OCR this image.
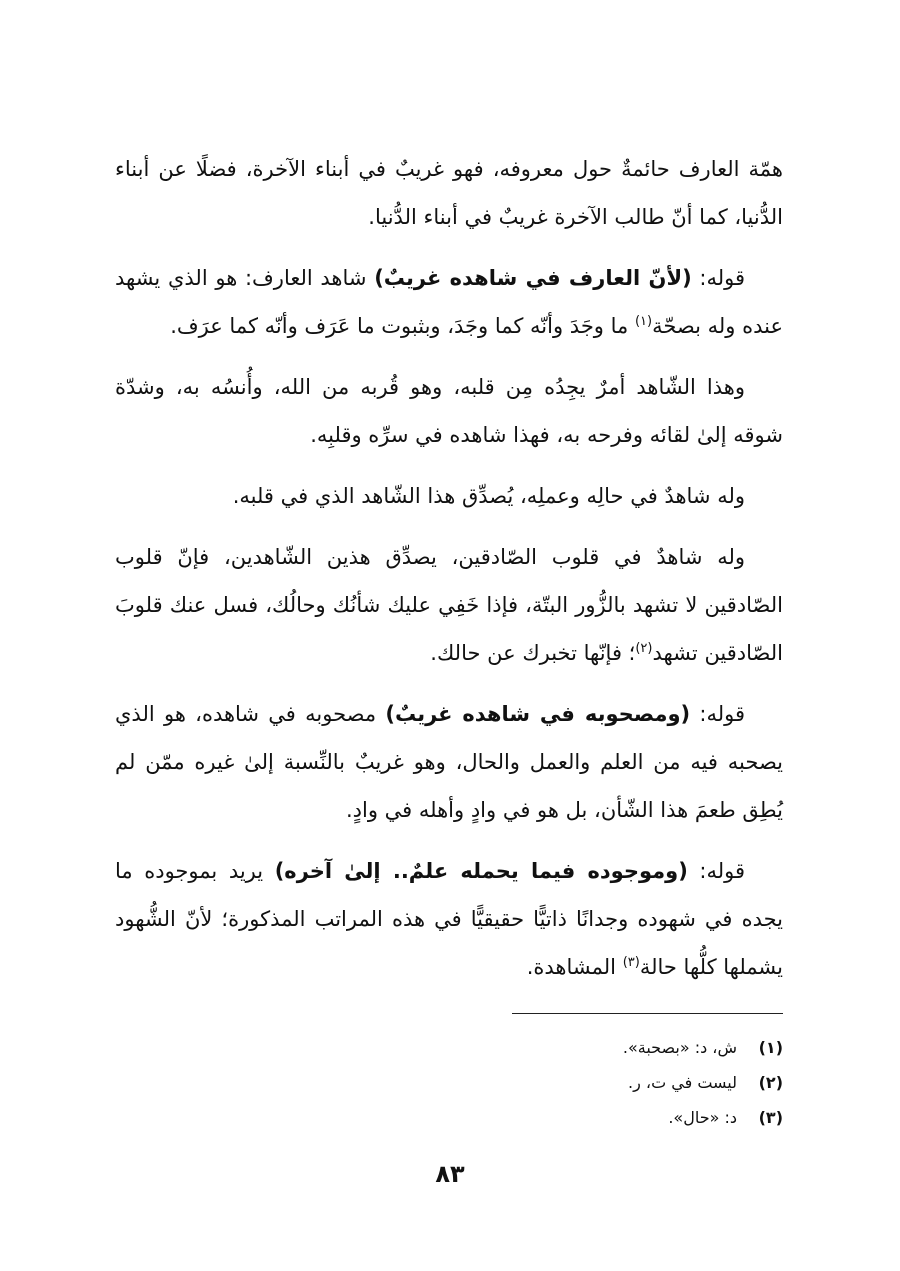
همّة العارف حائمةٌ حول معروفه، فهو غريبٌ في أبناء الآخرة، فضلًا عن أبناء الدُّنيا، كما أنّ طالب الآخرة غريبٌ في أبناء الدُّنيا.

قوله: (لأنّ العارف في شاهده غريبٌ) شاهد العارف: هو الذي يشهد عنده وله بصحّة$^{(١)}$ ما وجَدَ وأنّه كما وجَدَ، وبثبوت ما عَرَف وأنّه كما عرَف.

وهذا الشّاهد أمرٌ يجِدُه مِن قلبه، وهو قُربه من الله، وأُنسُه به، وشدّة شوقه إلىٰ لقائه وفرحه به، فهذا شاهده في سرِّه وقلبِه.

وله شاهدٌ في حالِه وعملِه، يُصدِّق هذا الشّاهد الذي في قلبه.

وله شاهدٌ في قلوب الصّادقين، يصدِّق هذين الشّاهدين، فإنّ قلوب الصّادقين لا تشهد بالزُّور البتّة، فإذا خَفِي عليك شأنُك وحالُك، فسل عنك قلوبَ الصّادقين تشهد$^{(٢)}$؛ فإنّها تخبرك عن حالك.

قوله: (ومصحوبه في شاهده غريبٌ) مصحوبه في شاهده، هو الذي يصحبه فيه من العلم والعمل والحال، وهو غريبٌ بالنِّسبة إلىٰ غيره ممّن لم يُطِق طعمَ هذا الشّأن، بل هو في وادٍ وأهله في وادٍ.

قوله: (وموجوده فيما يحمله علمٌ.. إلىٰ آخره) يريد بموجوده ما يجده في شهوده وجدانًا ذاتيًّا حقيقيًّا في هذه المراتب المذكورة؛ لأنّ الشُّهود يشملها كلُّها حالة$^{(٣)}$ المشاهدة.

(١)
ش، د: «بصحبة».
(٢)
ليست في ت، ر.
(٣)
د: «حال».
٨٣
